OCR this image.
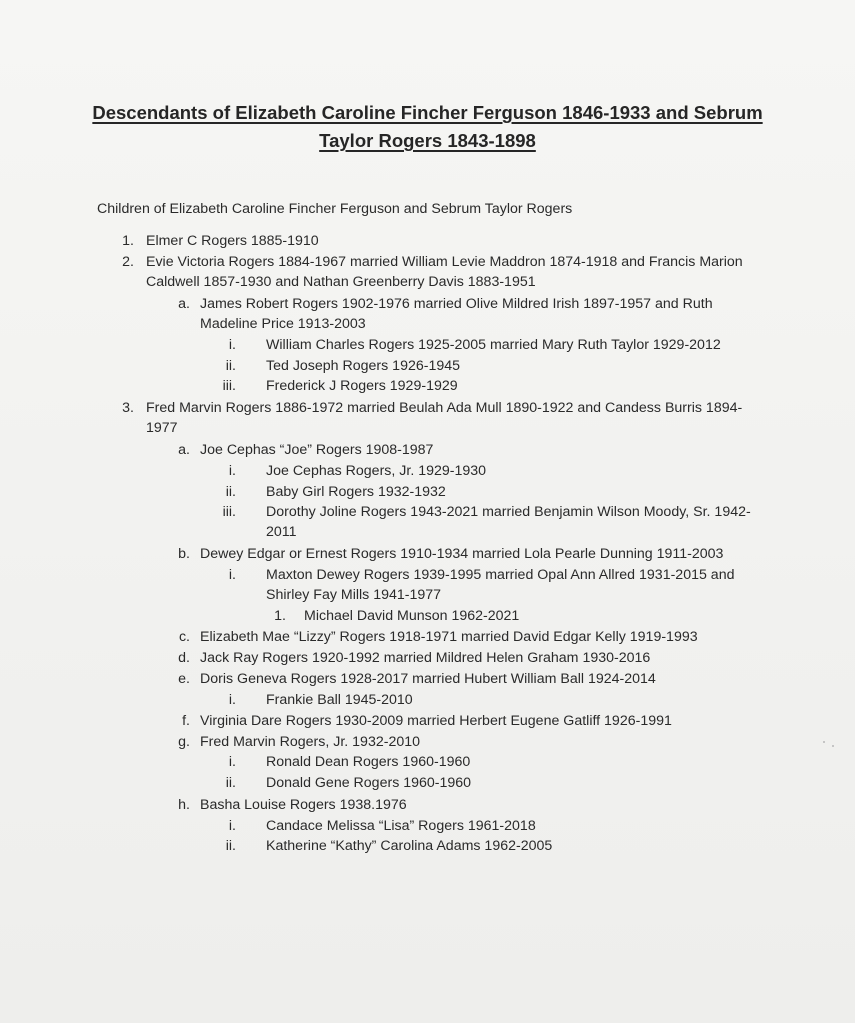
Descendants of Elizabeth Caroline Fincher Ferguson 1846-1933 and Sebrum
Taylor Rogers 1843-1898
Children of Elizabeth Caroline Fincher Ferguson and Sebrum Taylor Rogers
1. Elmer C Rogers 1885-1910
2. Evie Victoria Rogers 1884-1967 married William Levie Maddron 1874-1918 and Francis Marion
Caldwell 1857-1930 and Nathan Greenberry Davis 1883-1951
a. James Robert Rogers 1902-1976 married Olive Mildred Irish 1897-1957 and Ruth
Madeline Price 1913-2003
i. William Charles Rogers 1925-2005 married Mary Ruth Taylor 1929-2012
ii. Ted Joseph Rogers 1926-1945
iii. Frederick J Rogers 1929-1929
3. Fred Marvin Rogers 1886-1972 married Beulah Ada Mull 1890-1922 and Candess Burris 1894-
1977
a. Joe Cephas “Joe” Rogers 1908-1987
i. Joe Cephas Rogers, Jr. 1929-1930
ii. Baby Girl Rogers 1932-1932
iii. Dorothy Joline Rogers 1943-2021 married Benjamin Wilson Moody, Sr. 1942-
2011
b. Dewey Edgar or Ernest Rogers 1910-1934 married Lola Pearle Dunning 1911-2003
i. Maxton Dewey Rogers 1939-1995 married Opal Ann Allred 1931-2015 and
Shirley Fay Mills 1941-1977
1. Michael David Munson 1962-2021
c. Elizabeth Mae “Lizzy” Rogers 1918-1971 married David Edgar Kelly 1919-1993
d. Jack Ray Rogers 1920-1992 married Mildred Helen Graham 1930-2016
e. Doris Geneva Rogers 1928-2017 married Hubert William Ball 1924-2014
i. Frankie Ball 1945-2010
f. Virginia Dare Rogers 1930-2009 married Herbert Eugene Gatliff 1926-1991
g. Fred Marvin Rogers, Jr. 1932-2010
i. Ronald Dean Rogers 1960-1960
ii. Donald Gene Rogers 1960-1960
h. Basha Louise Rogers 1938.1976
i. Candace Melissa “Lisa” Rogers 1961-2018
ii. Katherine “Kathy” Carolina Adams 1962-2005
